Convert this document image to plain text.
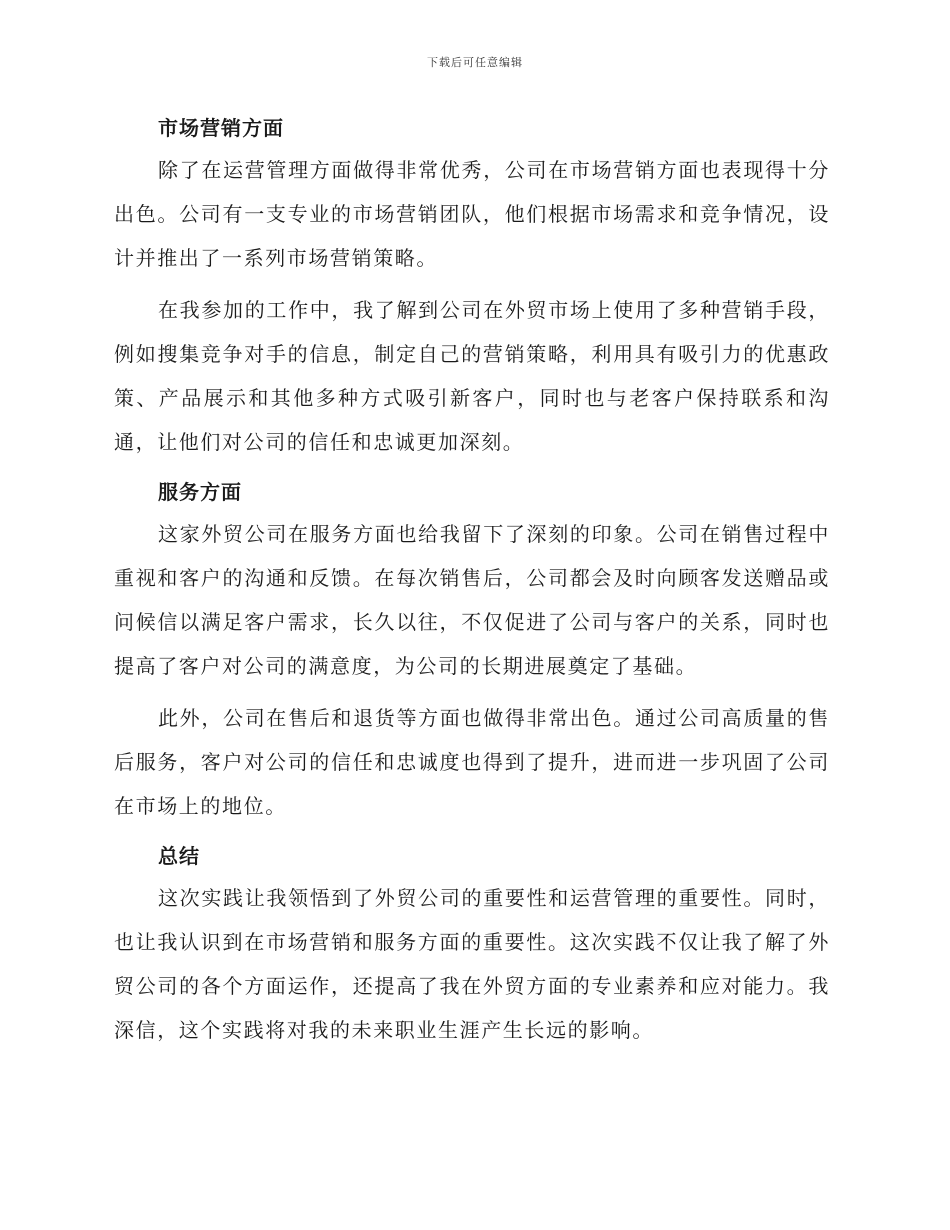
下载后可任意编辑
市场营销方面

除了在运营管理方面做得非常优秀，公司在市场营销方面也表现得十分出色。公司有一支专业的市场营销团队，他们根据市场需求和竞争情况，设计并推出了一系列市场营销策略。

在我参加的工作中，我了解到公司在外贸市场上使用了多种营销手段，例如搜集竞争对手的信息，制定自己的营销策略，利用具有吸引力的优惠政策、产品展示和其他多种方式吸引新客户，同时也与老客户保持联系和沟通，让他们对公司的信任和忠诚更加深刻。

服务方面

这家外贸公司在服务方面也给我留下了深刻的印象。公司在销售过程中重视和客户的沟通和反馈。在每次销售后，公司都会及时向顾客发送赠品或问候信以满足客户需求，长久以往，不仅促进了公司与客户的关系，同时也提高了客户对公司的满意度，为公司的长期进展奠定了基础。

此外，公司在售后和退货等方面也做得非常出色。通过公司高质量的售后服务，客户对公司的信任和忠诚度也得到了提升，进而进一步巩固了公司在市场上的地位。

总结

这次实践让我领悟到了外贸公司的重要性和运营管理的重要性。同时，也让我认识到在市场营销和服务方面的重要性。这次实践不仅让我了解了外贸公司的各个方面运作，还提高了我在外贸方面的专业素养和应对能力。我深信，这个实践将对我的未来职业生涯产生长远的影响。
